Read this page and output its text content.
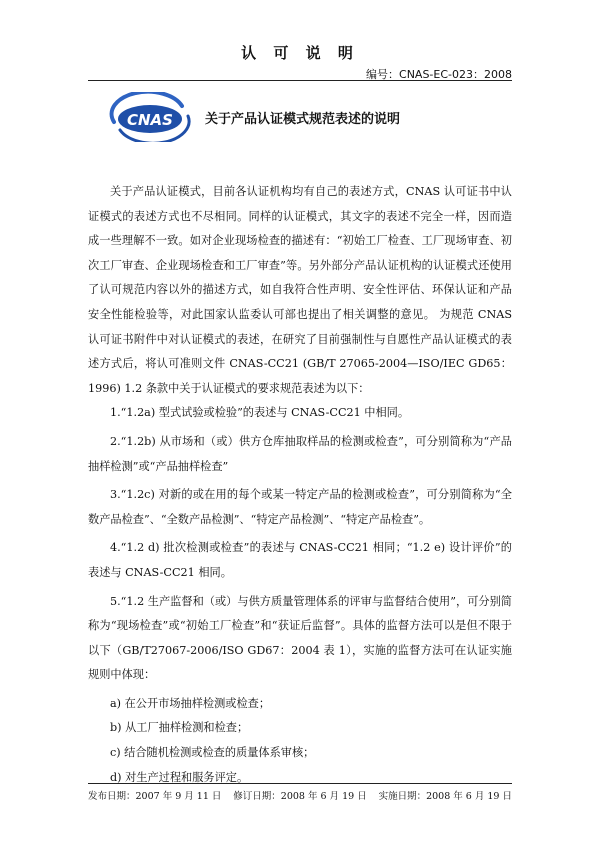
认 可 说 明
编号：CNAS-EC-023：2008
CNAS 关于产品认证模式规范表述的说明

关于产品认证模式，目前各认证机构均有自己的表述方式，CNAS 认可证书中认证模式的表述方式也不尽相同。同样的认证模式，其文字的表述不完全一样，因而造成一些理解不一致。如对企业现场检查的描述有：“初始工厂检查、工厂现场审查、初次工厂审查、企业现场检查和工厂审查”等。另外部分产品认证机构的认证模式还使用了认可规范内容以外的描述方式，如自我符合性声明、安全性评估、环保认证和产品安全性能检验等，对此国家认监委认可部也提出了相关调整的意见。 为规范 CNAS 认可证书附件中对认证模式的表述，在研究了目前强制性与自愿性产品认证模式的表述方式后，将认可准则文件 CNAS-CC21 (GB/T 27065-2004—ISO/IEC GD65：1996) 1.2 条款中关于认证模式的要求规范表述为以下：

1.“1.2a) 型式试验或检验”的表述与 CNAS-CC21 中相同。

2.“1.2b) 从市场和（或）供方仓库抽取样品的检测或检查”，可分别简称为“产品抽样检测”或“产品抽样检查”

3.“1.2c) 对新的或在用的每个或某一特定产品的检测或检查”，可分别简称为“全数产品检查”、“全数产品检测”、“特定产品检测”、“特定产品检查”。

4.“1.2 d) 批次检测或检查”的表述与 CNAS-CC21 相同；“1.2 e) 设计评价”的表述与 CNAS-CC21 相同。

5.“1.2 生产监督和（或）与供方质量管理体系的评审与监督结合使用”，可分别简称为“现场检查”或“初始工厂检查”和“获证后监督”。具体的监督方法可以是但不限于以下（GB/T27067-2006/ISO GD67：2004 表 1），实施的监督方法可在认证实施规则中体现：

a) 在公开市场抽样检测或检查；

b) 从工厂抽样检测和检查；

c) 结合随机检测或检查的质量体系审核；

d) 对生产过程和服务评定。

发布日期：2007 年 9 月 11 日 修订日期：2008 年 6 月 19 日 实施日期：2008 年 6 月 19 日
